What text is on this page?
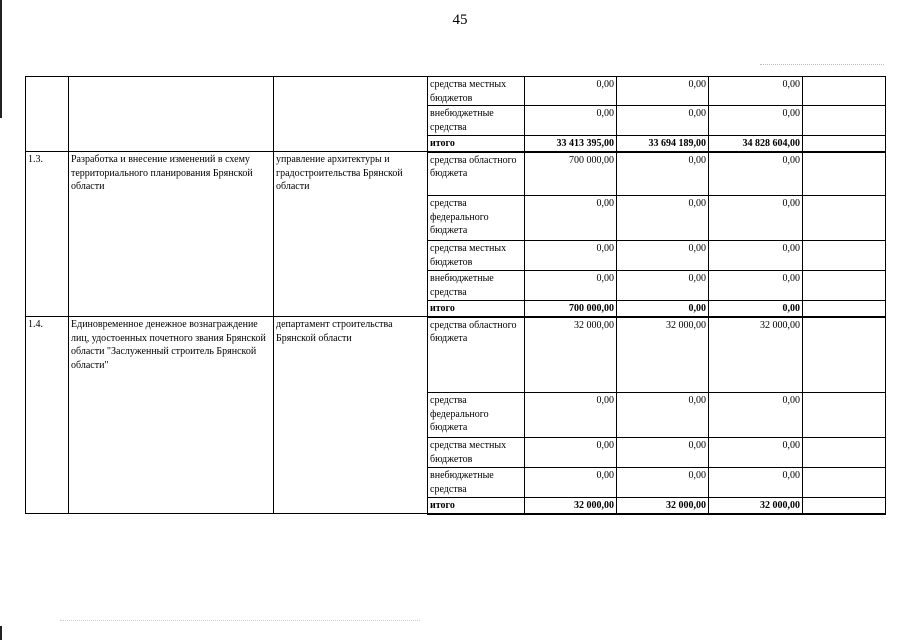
45
			средства местных бюджетов	0,00	0,00	0,00	
			внебюджетные средства	0,00	0,00	0,00	
			итого	33 413 395,00	33 694 189,00	34 828 604,00	
1.3.	Разработка и внесение изменений в схему территориального планирования Брянской области	управление архитектуры и градостроительства Брянской области	средства областного бюджета	700 000,00	0,00	0,00	
			средства федерального бюджета	0,00	0,00	0,00	
			средства местных бюджетов	0,00	0,00	0,00	
			внебюджетные средства	0,00	0,00	0,00	
			итого	700 000,00	0,00	0,00	
1.4.	Единовременное денежное вознаграждение лиц, удостоенных почетного звания Брянской области "Заслуженный строитель Брянской области"	департамент строительства Брянской области	средства областного бюджета	32 000,00	32 000,00	32 000,00	
			средства федерального бюджета	0,00	0,00	0,00	
			средства местных бюджетов	0,00	0,00	0,00	
			внебюджетные средства	0,00	0,00	0,00	
			итого	32 000,00	32 000,00	32 000,00	
